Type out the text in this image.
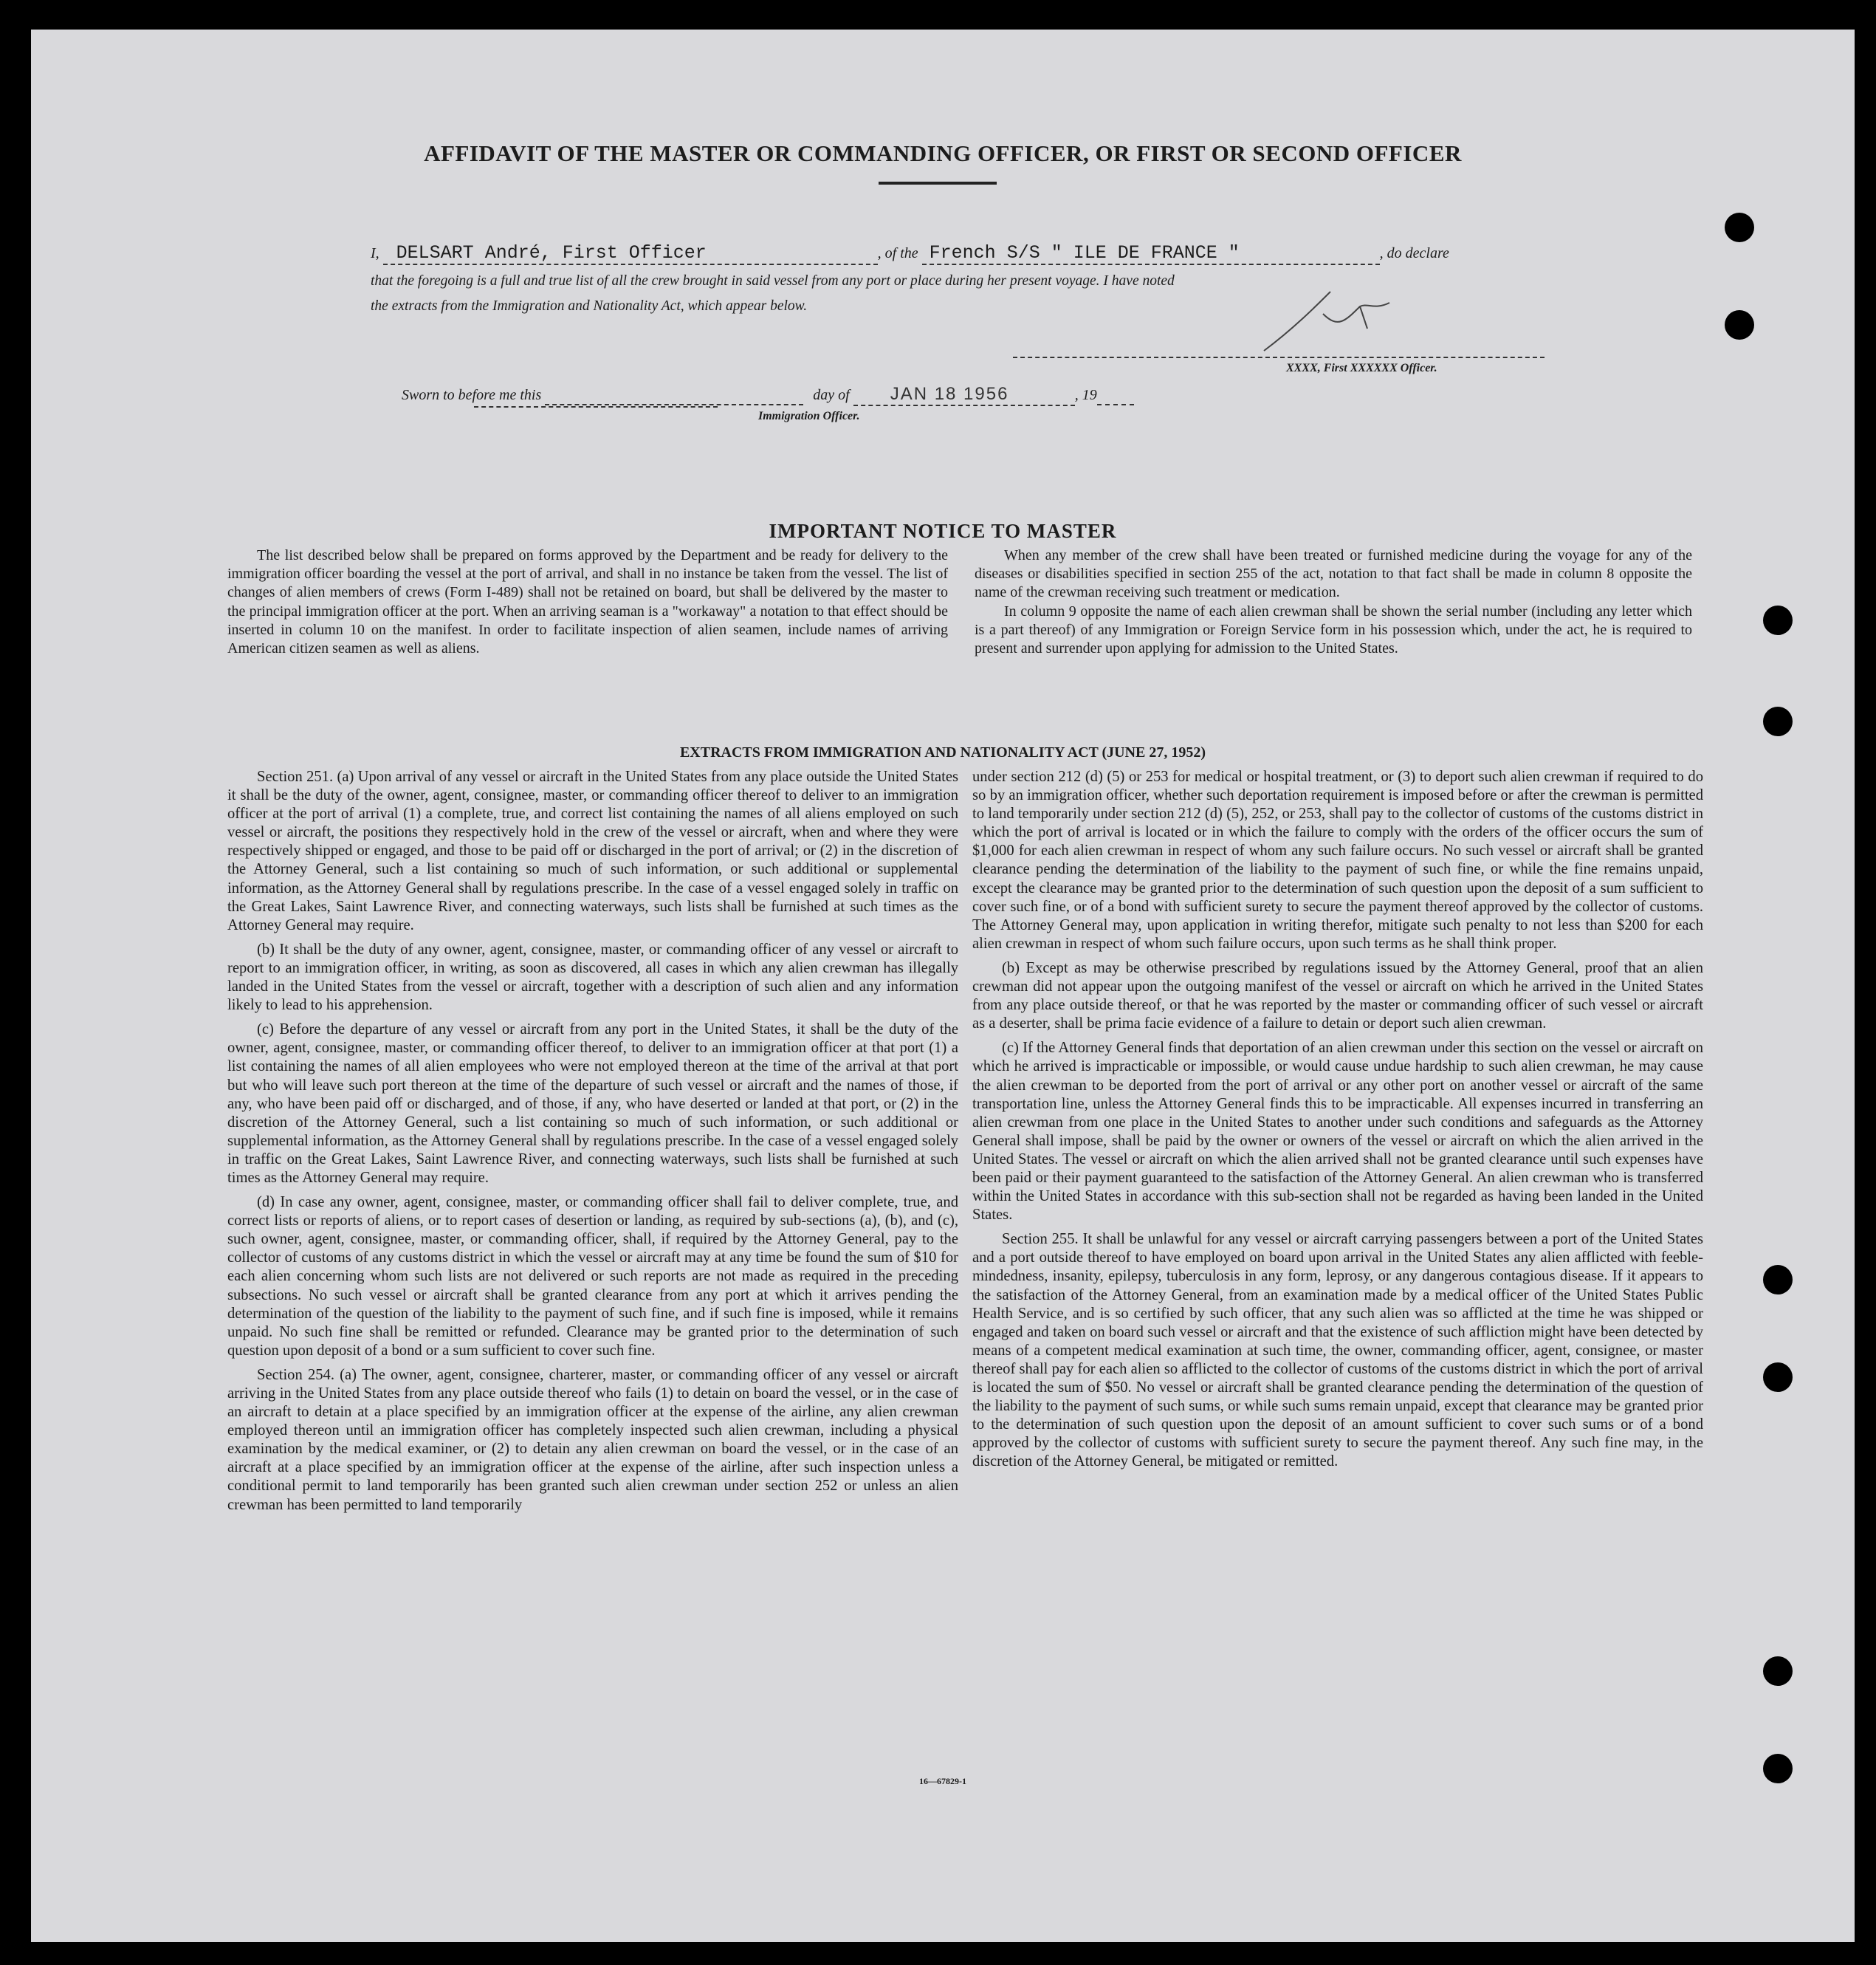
AFFIDAVIT OF THE MASTER OR COMMANDING OFFICER, OR FIRST OR SECOND OFFICER
I, DELSART André, First Officer	, of the French S/S " ILE DE FRANCE "	, do declare
that the foregoing is a full and true list of all the crew brought in said vessel from any port or place during her present voyage. I have noted
the extracts from the Immigration and Nationality Act, which appear below.
XXXX, First XXXXXX Officer.
Sworn to before me this	day of JAN 18 1956	, 19
Immigration Officer.
IMPORTANT NOTICE TO MASTER

The list described below shall be prepared on forms approved by the Department and be ready for delivery to the immigration officer boarding the vessel at the port of arrival, and shall in no instance be taken from the vessel. The list of changes of alien members of crews (Form I-489) shall not be retained on board, but shall be delivered by the master to the principal immigration officer at the port. When an arriving seaman is a "workaway" a notation to that effect should be inserted in column 10 on the manifest. In order to facilitate inspection of alien seamen, include names of arriving American citizen seamen as well as aliens.

When any member of the crew shall have been treated or furnished medicine during the voyage for any of the diseases or disabilities specified in section 255 of the act, notation to that fact shall be made in column 8 opposite the name of the crewman receiving such treatment or medication.

In column 9 opposite the name of each alien crewman shall be shown the serial number (including any letter which is a part thereof) of any Immigration or Foreign Service form in his possession which, under the act, he is required to present and surrender upon applying for admission to the United States.

EXTRACTS FROM IMMIGRATION AND NATIONALITY ACT (JUNE 27, 1952)

Section 251. (a) Upon arrival of any vessel or aircraft in the United States from any place outside the United States it shall be the duty of the owner, agent, consignee, master, or commanding officer thereof to deliver to an immigration officer at the port of arrival (1) a complete, true, and correct list containing the names of all aliens employed on such vessel or aircraft, the positions they respectively hold in the crew of the vessel or aircraft, when and where they were respectively shipped or engaged, and those to be paid off or discharged in the port of arrival; or (2) in the discretion of the Attorney General, such a list containing so much of such information, or such additional or supplemental information, as the Attorney General shall by regulations prescribe. In the case of a vessel engaged solely in traffic on the Great Lakes, Saint Lawrence River, and connecting waterways, such lists shall be furnished at such times as the Attorney General may require.

(b) It shall be the duty of any owner, agent, consignee, master, or commanding officer of any vessel or aircraft to report to an immigration officer, in writing, as soon as discovered, all cases in which any alien crewman has illegally landed in the United States from the vessel or aircraft, together with a description of such alien and any information likely to lead to his apprehension.

(c) Before the departure of any vessel or aircraft from any port in the United States, it shall be the duty of the owner, agent, consignee, master, or commanding officer thereof, to deliver to an immigration officer at that port (1) a list containing the names of all alien employees who were not employed thereon at the time of the arrival at that port but who will leave such port thereon at the time of the departure of such vessel or aircraft and the names of those, if any, who have been paid off or discharged, and of those, if any, who have deserted or landed at that port, or (2) in the discretion of the Attorney General, such a list containing so much of such information, or such additional or supplemental information, as the Attorney General shall by regulations prescribe. In the case of a vessel engaged solely in traffic on the Great Lakes, Saint Lawrence River, and connecting waterways, such lists shall be furnished at such times as the Attorney General may require.

(d) In case any owner, agent, consignee, master, or commanding officer shall fail to deliver complete, true, and correct lists or reports of aliens, or to report cases of desertion or landing, as required by sub-sections (a), (b), and (c), such owner, agent, consignee, master, or commanding officer, shall, if required by the Attorney General, pay to the collector of customs of any customs district in which the vessel or aircraft may at any time be found the sum of $10 for each alien concerning whom such lists are not delivered or such reports are not made as required in the preceding subsections. No such vessel or aircraft shall be granted clearance from any port at which it arrives pending the determination of the question of the liability to the payment of such fine, and if such fine is imposed, while it remains unpaid. No such fine shall be remitted or refunded. Clearance may be granted prior to the determination of such question upon deposit of a bond or a sum sufficient to cover such fine.

Section 254. (a) The owner, agent, consignee, charterer, master, or commanding officer of any vessel or aircraft arriving in the United States from any place outside thereof who fails (1) to detain on board the vessel, or in the case of an aircraft to detain at a place specified by an immigration officer at the expense of the airline, any alien crewman employed thereon until an immigration officer has completely inspected such alien crewman, including a physical examination by the medical examiner, or (2) to detain any alien crewman on board the vessel, or in the case of an aircraft at a place specified by an immigration officer at the expense of the airline, after such inspection unless a conditional permit to land temporarily has been granted such alien crewman under section 252 or unless an alien crewman has been permitted to land temporarily

under section 212 (d) (5) or 253 for medical or hospital treatment, or (3) to deport such alien crewman if required to do so by an immigration officer, whether such deportation requirement is imposed before or after the crewman is permitted to land temporarily under section 212 (d) (5), 252, or 253, shall pay to the collector of customs of the customs district in which the port of arrival is located or in which the failure to comply with the orders of the officer occurs the sum of $1,000 for each alien crewman in respect of whom any such failure occurs. No such vessel or aircraft shall be granted clearance pending the determination of the liability to the payment of such fine, or while the fine remains unpaid, except the clearance may be granted prior to the determination of such question upon the deposit of a sum sufficient to cover such fine, or of a bond with sufficient surety to secure the payment thereof approved by the collector of customs. The Attorney General may, upon application in writing therefor, mitigate such penalty to not less than $200 for each alien crewman in respect of whom such failure occurs, upon such terms as he shall think proper.

(b) Except as may be otherwise prescribed by regulations issued by the Attorney General, proof that an alien crewman did not appear upon the outgoing manifest of the vessel or aircraft on which he arrived in the United States from any place outside thereof, or that he was reported by the master or commanding officer of such vessel or aircraft as a deserter, shall be prima facie evidence of a failure to detain or deport such alien crewman.

(c) If the Attorney General finds that deportation of an alien crewman under this section on the vessel or aircraft on which he arrived is impracticable or impossible, or would cause undue hardship to such alien crewman, he may cause the alien crewman to be deported from the port of arrival or any other port on another vessel or aircraft of the same transportation line, unless the Attorney General finds this to be impracticable. All expenses incurred in transferring an alien crewman from one place in the United States to another under such conditions and safeguards as the Attorney General shall impose, shall be paid by the owner or owners of the vessel or aircraft on which the alien arrived in the United States. The vessel or aircraft on which the alien arrived shall not be granted clearance until such expenses have been paid or their payment guaranteed to the satisfaction of the Attorney General. An alien crewman who is transferred within the United States in accordance with this sub-section shall not be regarded as having been landed in the United States.

Section 255. It shall be unlawful for any vessel or aircraft carrying passengers between a port of the United States and a port outside thereof to have employed on board upon arrival in the United States any alien afflicted with feeble-mindedness, insanity, epilepsy, tuberculosis in any form, leprosy, or any dangerous contagious disease. If it appears to the satisfaction of the Attorney General, from an examination made by a medical officer of the United States Public Health Service, and is so certified by such officer, that any such alien was so afflicted at the time he was shipped or engaged and taken on board such vessel or aircraft and that the existence of such affliction might have been detected by means of a competent medical examination at such time, the owner, commanding officer, agent, consignee, or master thereof shall pay for each alien so afflicted to the collector of customs of the customs district in which the port of arrival is located the sum of $50. No vessel or aircraft shall be granted clearance pending the determination of the question of the liability to the payment of such sums, or while such sums remain unpaid, except that clearance may be granted prior to the determination of such question upon the deposit of an amount sufficient to cover such sums or of a bond approved by the collector of customs with sufficient surety to secure the payment thereof. Any such fine may, in the discretion of the Attorney General, be mitigated or remitted.

16—67829-1
